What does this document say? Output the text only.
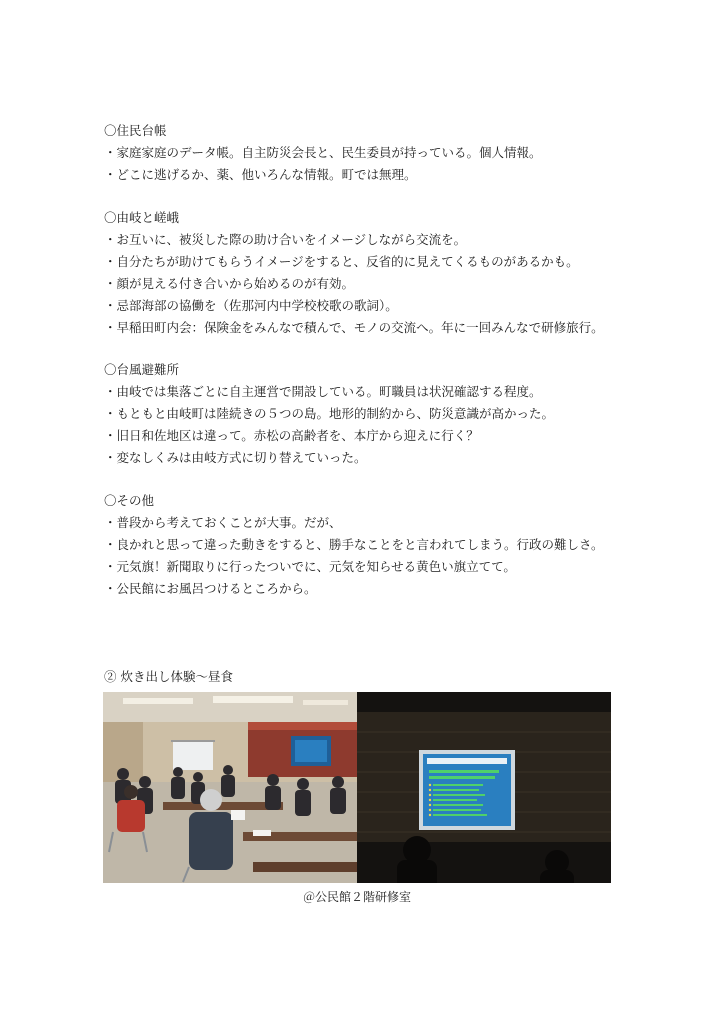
〇住民台帳
・家庭家庭のデータ帳。自主防災会長と、民生委員が持っている。個人情報。
・どこに逃げるか、薬、他いろんな情報。町では無理。
〇由岐と嵯峨
・お互いに、被災した際の助け合いをイメージしながら交流を。
・自分たちが助けてもらうイメージをすると、反省的に見えてくるものがあるかも。
・顔が見える付き合いから始めるのが有効。
・忌部海部の協働を（佐那河内中学校校歌の歌詞）。
・早稲田町内会：保険金をみんなで積んで、モノの交流へ。年に一回みんなで研修旅行。
〇台風避難所
・由岐では集落ごとに自主運営で開設している。町職員は状況確認する程度。
・もともと由岐町は陸続きの５つの島。地形的制約から、防災意識が高かった。
・旧日和佐地区は違って。赤松の高齢者を、本庁から迎えに行く？
・変なしくみは由岐方式に切り替えていった。
〇その他
・普段から考えておくことが大事。だが、
・良かれと思って違った動きをすると、勝手なことをと言われてしまう。行政の難しさ。
・元気旗！新聞取りに行ったついでに、元気を知らせる黄色い旗立てて。
・公民館にお風呂つけるところから。
② 炊き出し体験～昼食
＠公民館２階研修室
